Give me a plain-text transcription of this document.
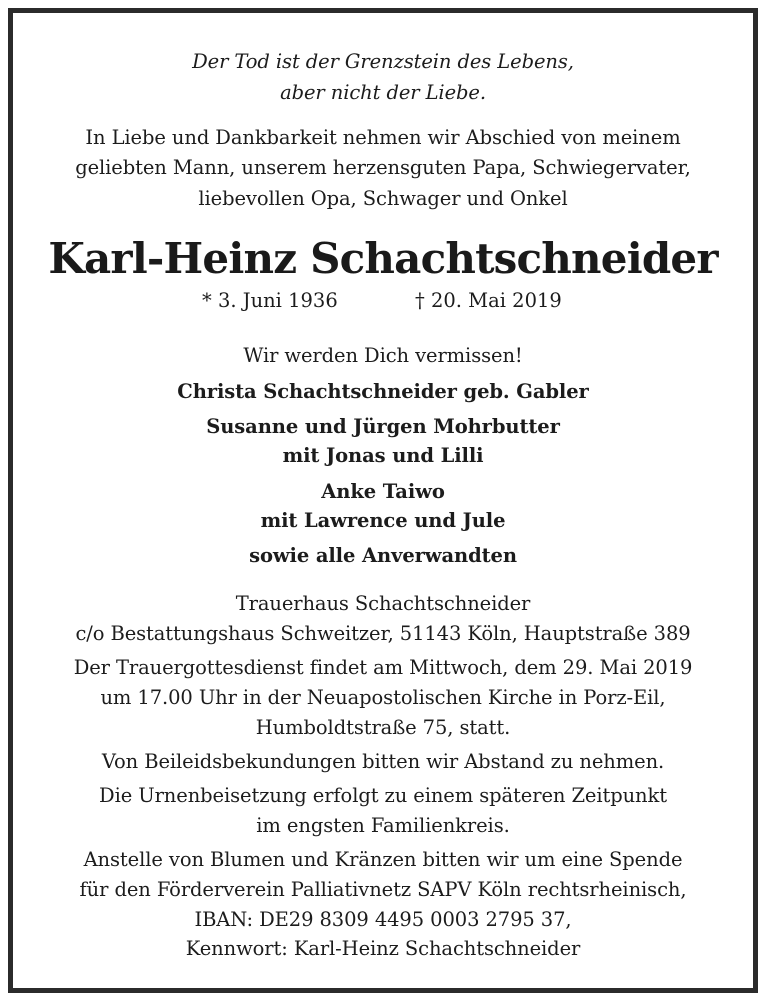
Der Tod ist der Grenzstein des Lebens,
aber nicht der Liebe.
In Liebe und Dankbarkeit nehmen wir Abschied von meinem
geliebten Mann, unserem herzensguten Papa, Schwiegervater,
liebevollen Opa, Schwager und Onkel
Karl-Heinz Schachtschneider
* 3. Juni 1936	† 20. Mai 2019
Wir werden Dich vermissen!
Christa Schachtschneider geb. Gabler
Susanne und Jürgen Mohrbutter
mit Jonas und Lilli
Anke Taiwo
mit Lawrence und Jule
sowie alle Anverwandten
Trauerhaus Schachtschneider
c/o Bestattungshaus Schweitzer, 51143 Köln, Hauptstraße 389
Der Trauergottesdienst findet am Mittwoch, dem 29. Mai 2019
um 17.00 Uhr in der Neuapostolischen Kirche in Porz-Eil,
Humboldtstraße 75, statt.
Von Beileidsbekundungen bitten wir Abstand zu nehmen.
Die Urnenbeisetzung erfolgt zu einem späteren Zeitpunkt
im engsten Familienkreis.
Anstelle von Blumen und Kränzen bitten wir um eine Spende
für den Förderverein Palliativnetz SAPV Köln rechtsrheinisch,
IBAN: DE29 8309 4495 0003 2795 37,
Kennwort: Karl-Heinz Schachtschneider
